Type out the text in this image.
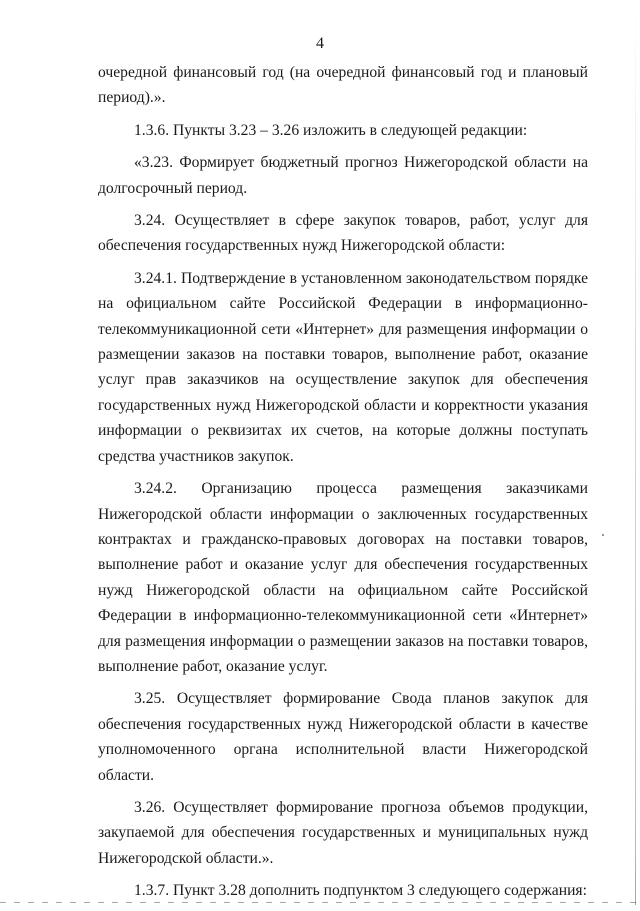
4

очередной финансовый год (на очередной финансовый год и плановый период).».

1.3.6. Пункты 3.23 – 3.26 изложить в следующей редакции:

«3.23. Формирует бюджетный прогноз Нижегородской области на долгосрочный период.

3.24. Осуществляет в сфере закупок товаров, работ, услуг для обеспечения государственных нужд Нижегородской области:

3.24.1. Подтверждение в установленном законодательством порядке на официальном сайте Российской Федерации в информационно-телекоммуникационной сети «Интернет» для размещения информации о размещении заказов на поставки товаров, выполнение работ, оказание услуг прав заказчиков на осуществление закупок для обеспечения государственных нужд Нижегородской области и корректности указания информации о реквизитах их счетов, на которые должны поступать средства участников закупок.

3.24.2. Организацию процесса размещения заказчиками Нижегородской области информации о заключенных государственных контрактах и гражданско-правовых договорах на поставки товаров, выполнение работ и оказание услуг для обеспечения государственных нужд Нижегородской области на официальном сайте Российской Федерации в информационно-телекоммуникационной сети «Интернет» для размещения информации о размещении заказов на поставки товаров, выполнение работ, оказание услуг.

3.25. Осуществляет формирование Свода планов закупок для обеспечения государственных нужд Нижегородской области в качестве уполномоченного органа исполнительной власти Нижегородской области.

3.26. Осуществляет формирование прогноза объемов продукции, закупаемой для обеспечения государственных и муниципальных нужд Нижегородской области.».

1.3.7. Пункт 3.28 дополнить подпунктом 3 следующего содержания:
